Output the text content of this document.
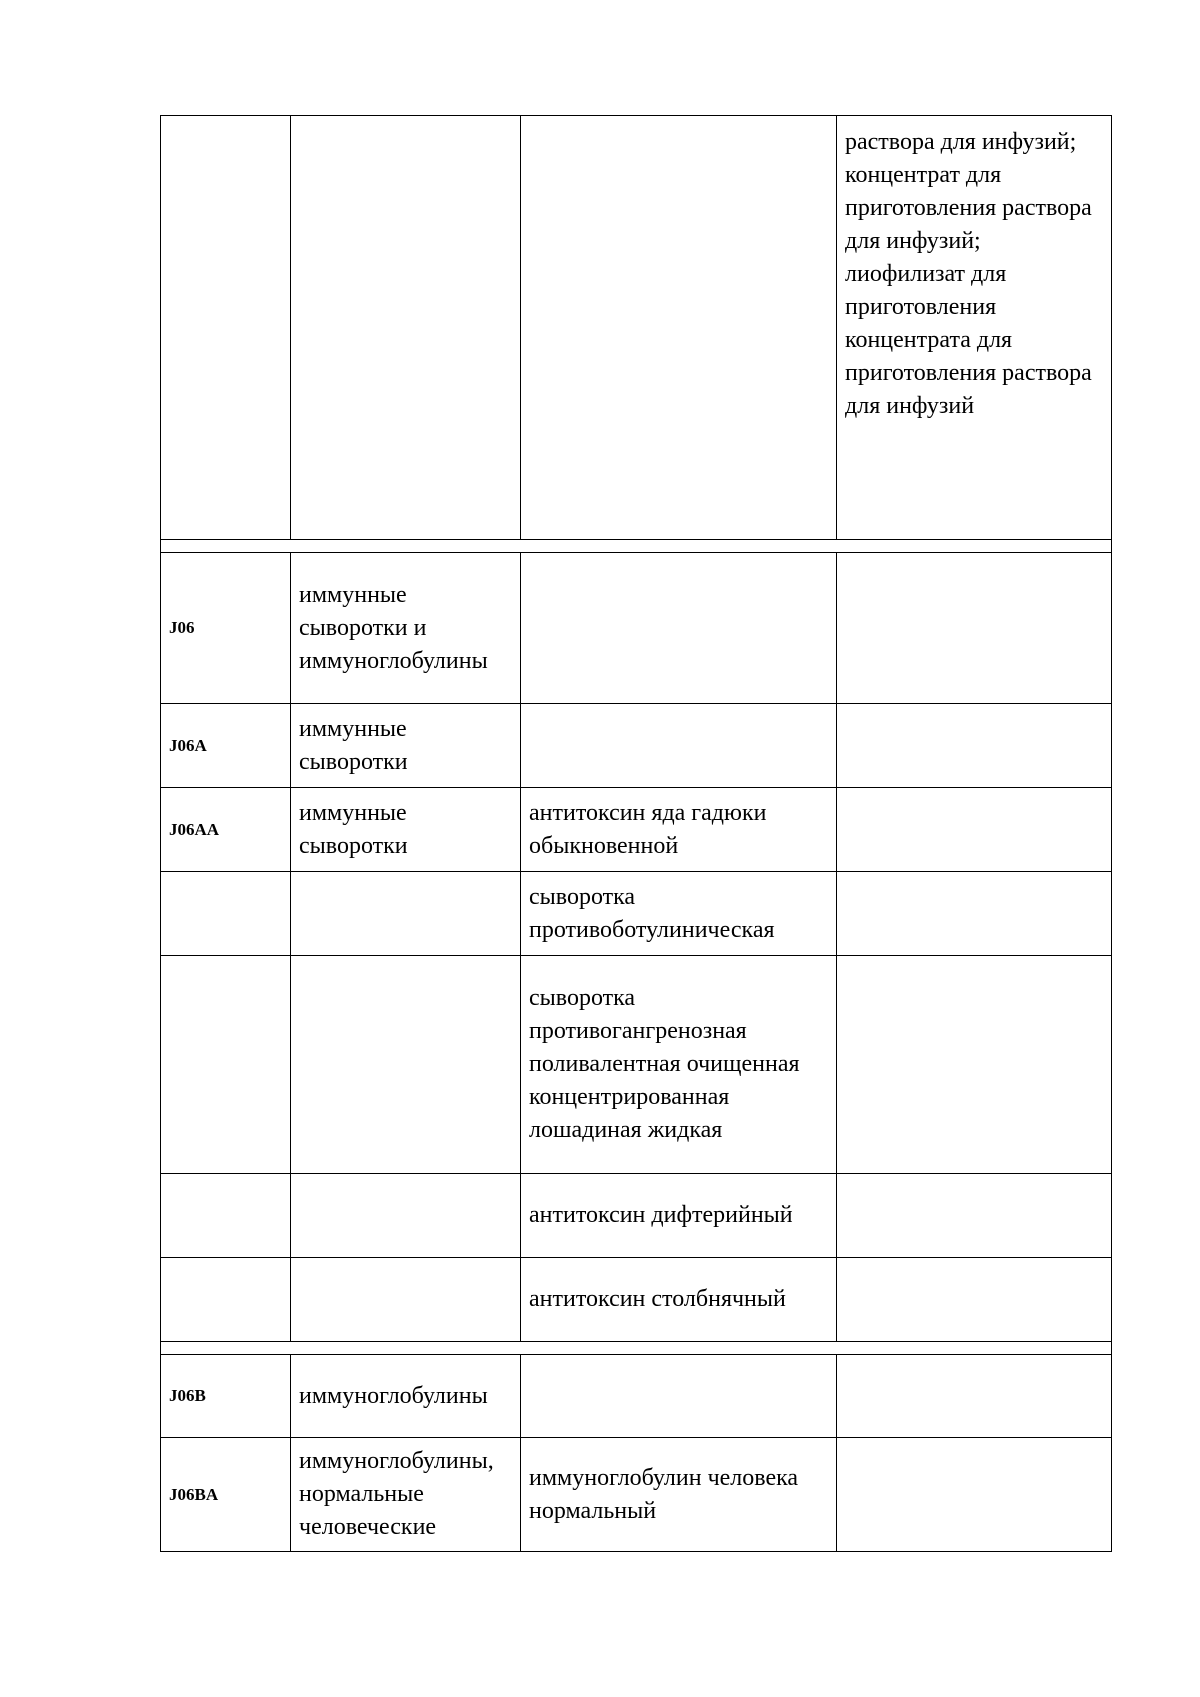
			раствора для инфузий; концентрат для приготовления раствора для инфузий; лиофилизат для приготовления концентрата для приготовления раствора для инфузий

J06	иммунные сыворотки и иммуноглобулины		
J06A	иммунные сыворотки		
J06AA	иммунные сыворотки	антитоксин яда гадюки обыкновенной	
		сыворотка противоботулиническая	
		сыворотка противогангренозная поливалентная очищенная концентрированная лошадиная жидкая	
		антитоксин дифтерийный	
		антитоксин столбнячный	

J06B	иммуноглобулины		
J06BA	иммуноглобулины, нормальные человеческие	иммуноглобулин человека нормальный	
